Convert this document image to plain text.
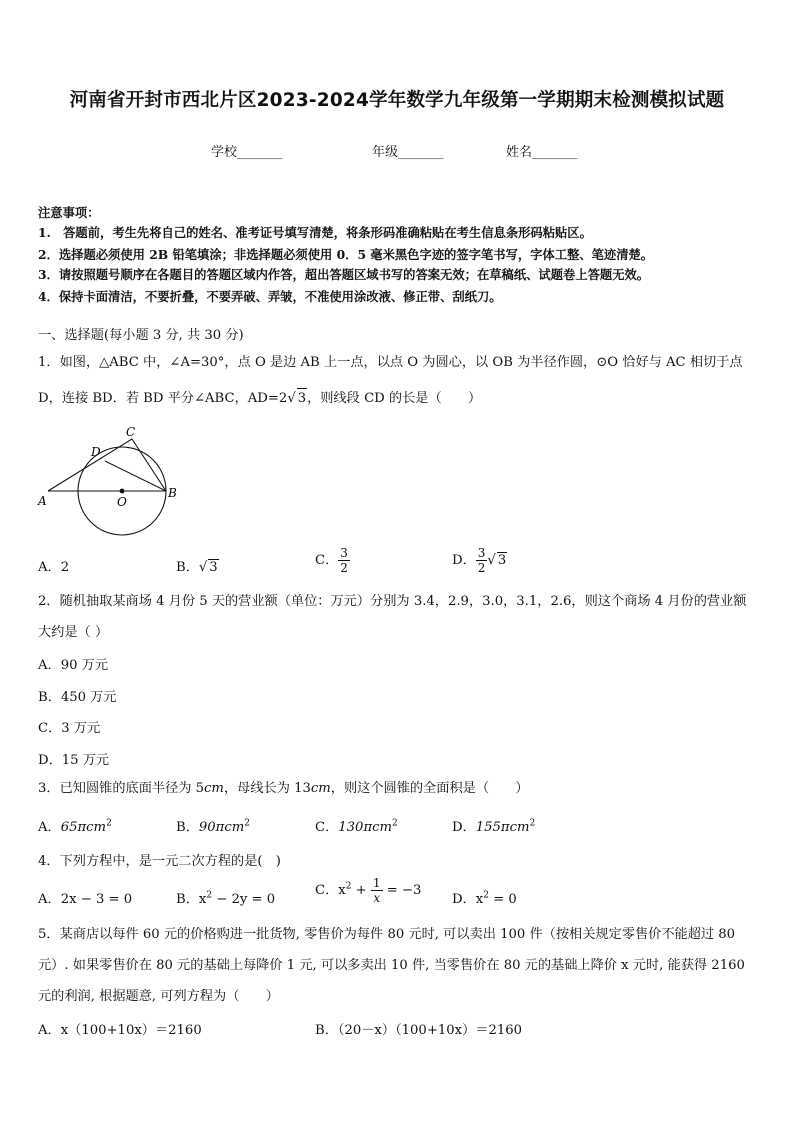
河南省开封市西北片区2023-2024学年数学九年级第一学期期末检测模拟试题
学校_______	年级_______	姓名_______
注意事项：
1.　答题前，考生先将自己的姓名、准考证号填写清楚，将条形码准确粘贴在考生信息条形码粘贴区。
2．选择题必须使用 2B 铅笔填涂；非选择题必须使用 0．5 毫米黑色字迹的签字笔书写，字体工整、笔迹清楚。
3．请按照题号顺序在各题目的答题区域内作答，超出答题区域书写的答案无效；在草稿纸、试题卷上答题无效。
4．保持卡面清洁，不要折叠，不要弄破、弄皱，不准使用涂改液、修正带、刮纸刀。
一、选择题(每小题 3 分, 共 30 分)
1．如图，△ABC 中，∠A=30°，点 O 是边 AB 上一点，以点 O 为圆心，以 OB 为半径作圆，⊙O 恰好与 AC 相切于点
D，连接 BD．若 BD 平分∠ABC，AD=2√ 3，则线段 CD 的长是（　　）
A
B
C
D
O
A．2	B．√ 3	C． $\frac{3}{2}$	D． $\frac{3}{2}$ √ 3
2．随机抽取某商场 4 月份 5 天的营业额（单位：万元）分别为 3.4，2.9，3.0，3.1，2.6，则这个商场 4 月份的营业额
大约是（ ）
A．90 万元
B．450 万元
C．3 万元
D．15 万元
3．已知圆锥的底面半径为 5cm，母线长为 13cm，则这个圆锥的全面积是（　　）
A．65πcm$^2$	B．90πcm$^2$	C．130πcm$^2$	D．155πcm$^2$
4．下列方程中，是一元二次方程的是(　)
A．2x − 3 = 0	B．$x^2 - 2y = 0$
C．$x^2 + \frac{1}{x} = -3$
D．$x^2 = 0$
5．某商店以每件 60 元的价格购进一批货物, 零售价为每件 80 元时, 可以卖出 100 件（按相关规定零售价不能超过 80
元）. 如果零售价在 80 元的基础上每降价 1 元, 可以多卖出 10 件, 当零售价在 80 元的基础上降价 x 元时, 能获得 2160
元的利润, 根据题意, 可列方程为（　　）
A．x（100+10x）＝2160	B．（20－x）（100+10x）＝2160
